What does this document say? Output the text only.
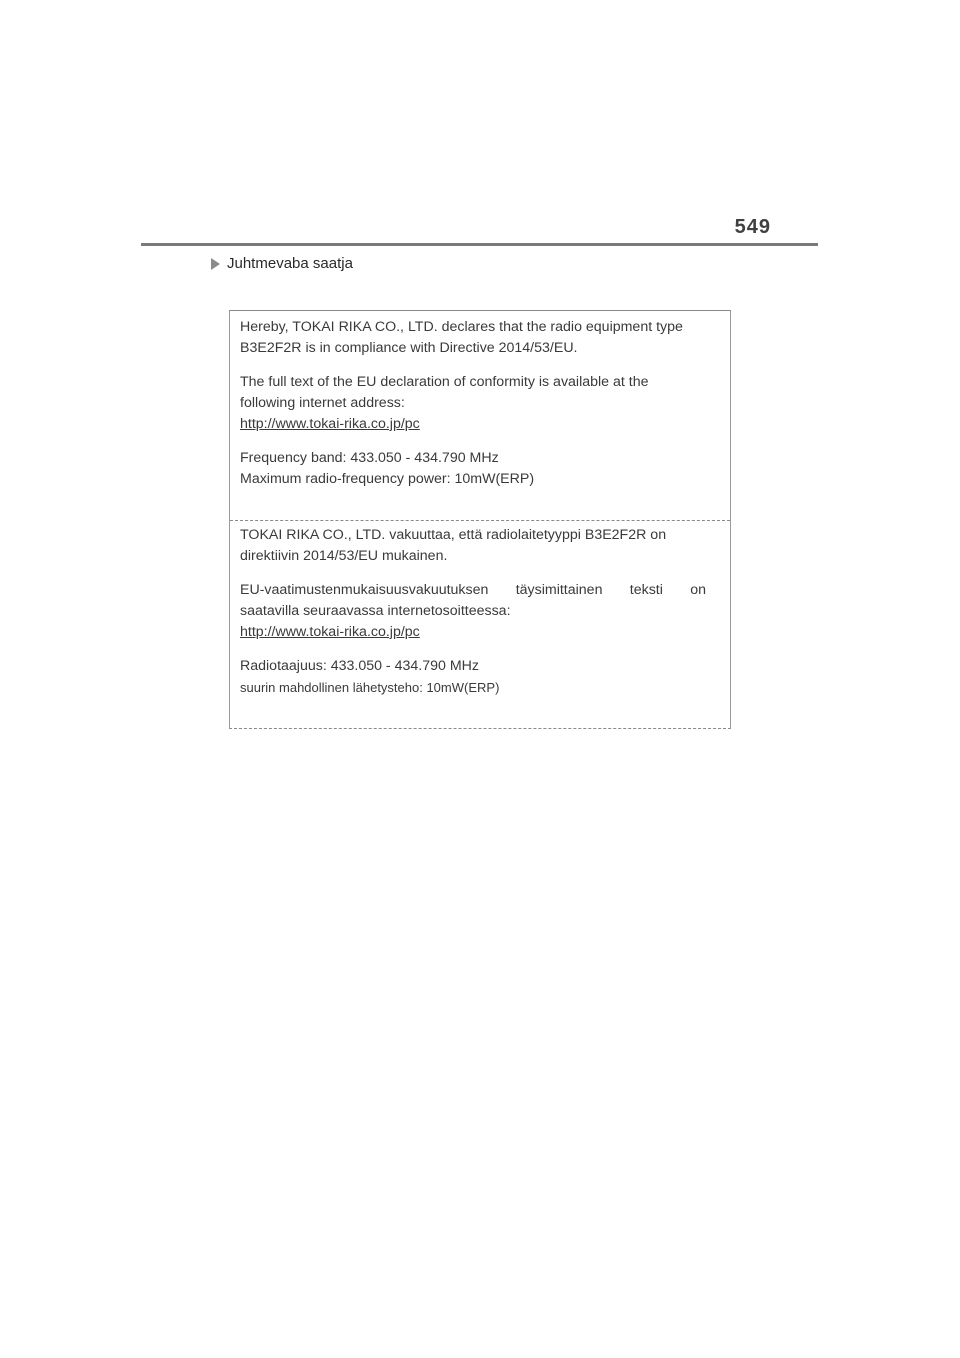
549
Juhtmevaba saatja
Hereby, TOKAI RIKA CO., LTD. declares that the radio equipment type
B3E2F2R is in compliance with Directive 2014/53/EU.
The full text of the EU declaration of conformity is available at the
following internet address:
http://www.tokai-rika.co.jp/pc
Frequency band: 433.050 - 434.790 MHz
Maximum radio-frequency power: 10mW(ERP)
TOKAI RIKA CO., LTD. vakuuttaa, että radiolaitetyyppi B3E2F2R on
direktiivin 2014/53/EU mukainen.
EU-vaatimustenmukaisuusvakuutuksen täysimittainen teksti on
saatavilla seuraavassa internetosoitteessa:
http://www.tokai-rika.co.jp/pc
Radiotaajuus: 433.050 - 434.790 MHz
suurin mahdollinen lähetysteho: 10mW(ERP)
